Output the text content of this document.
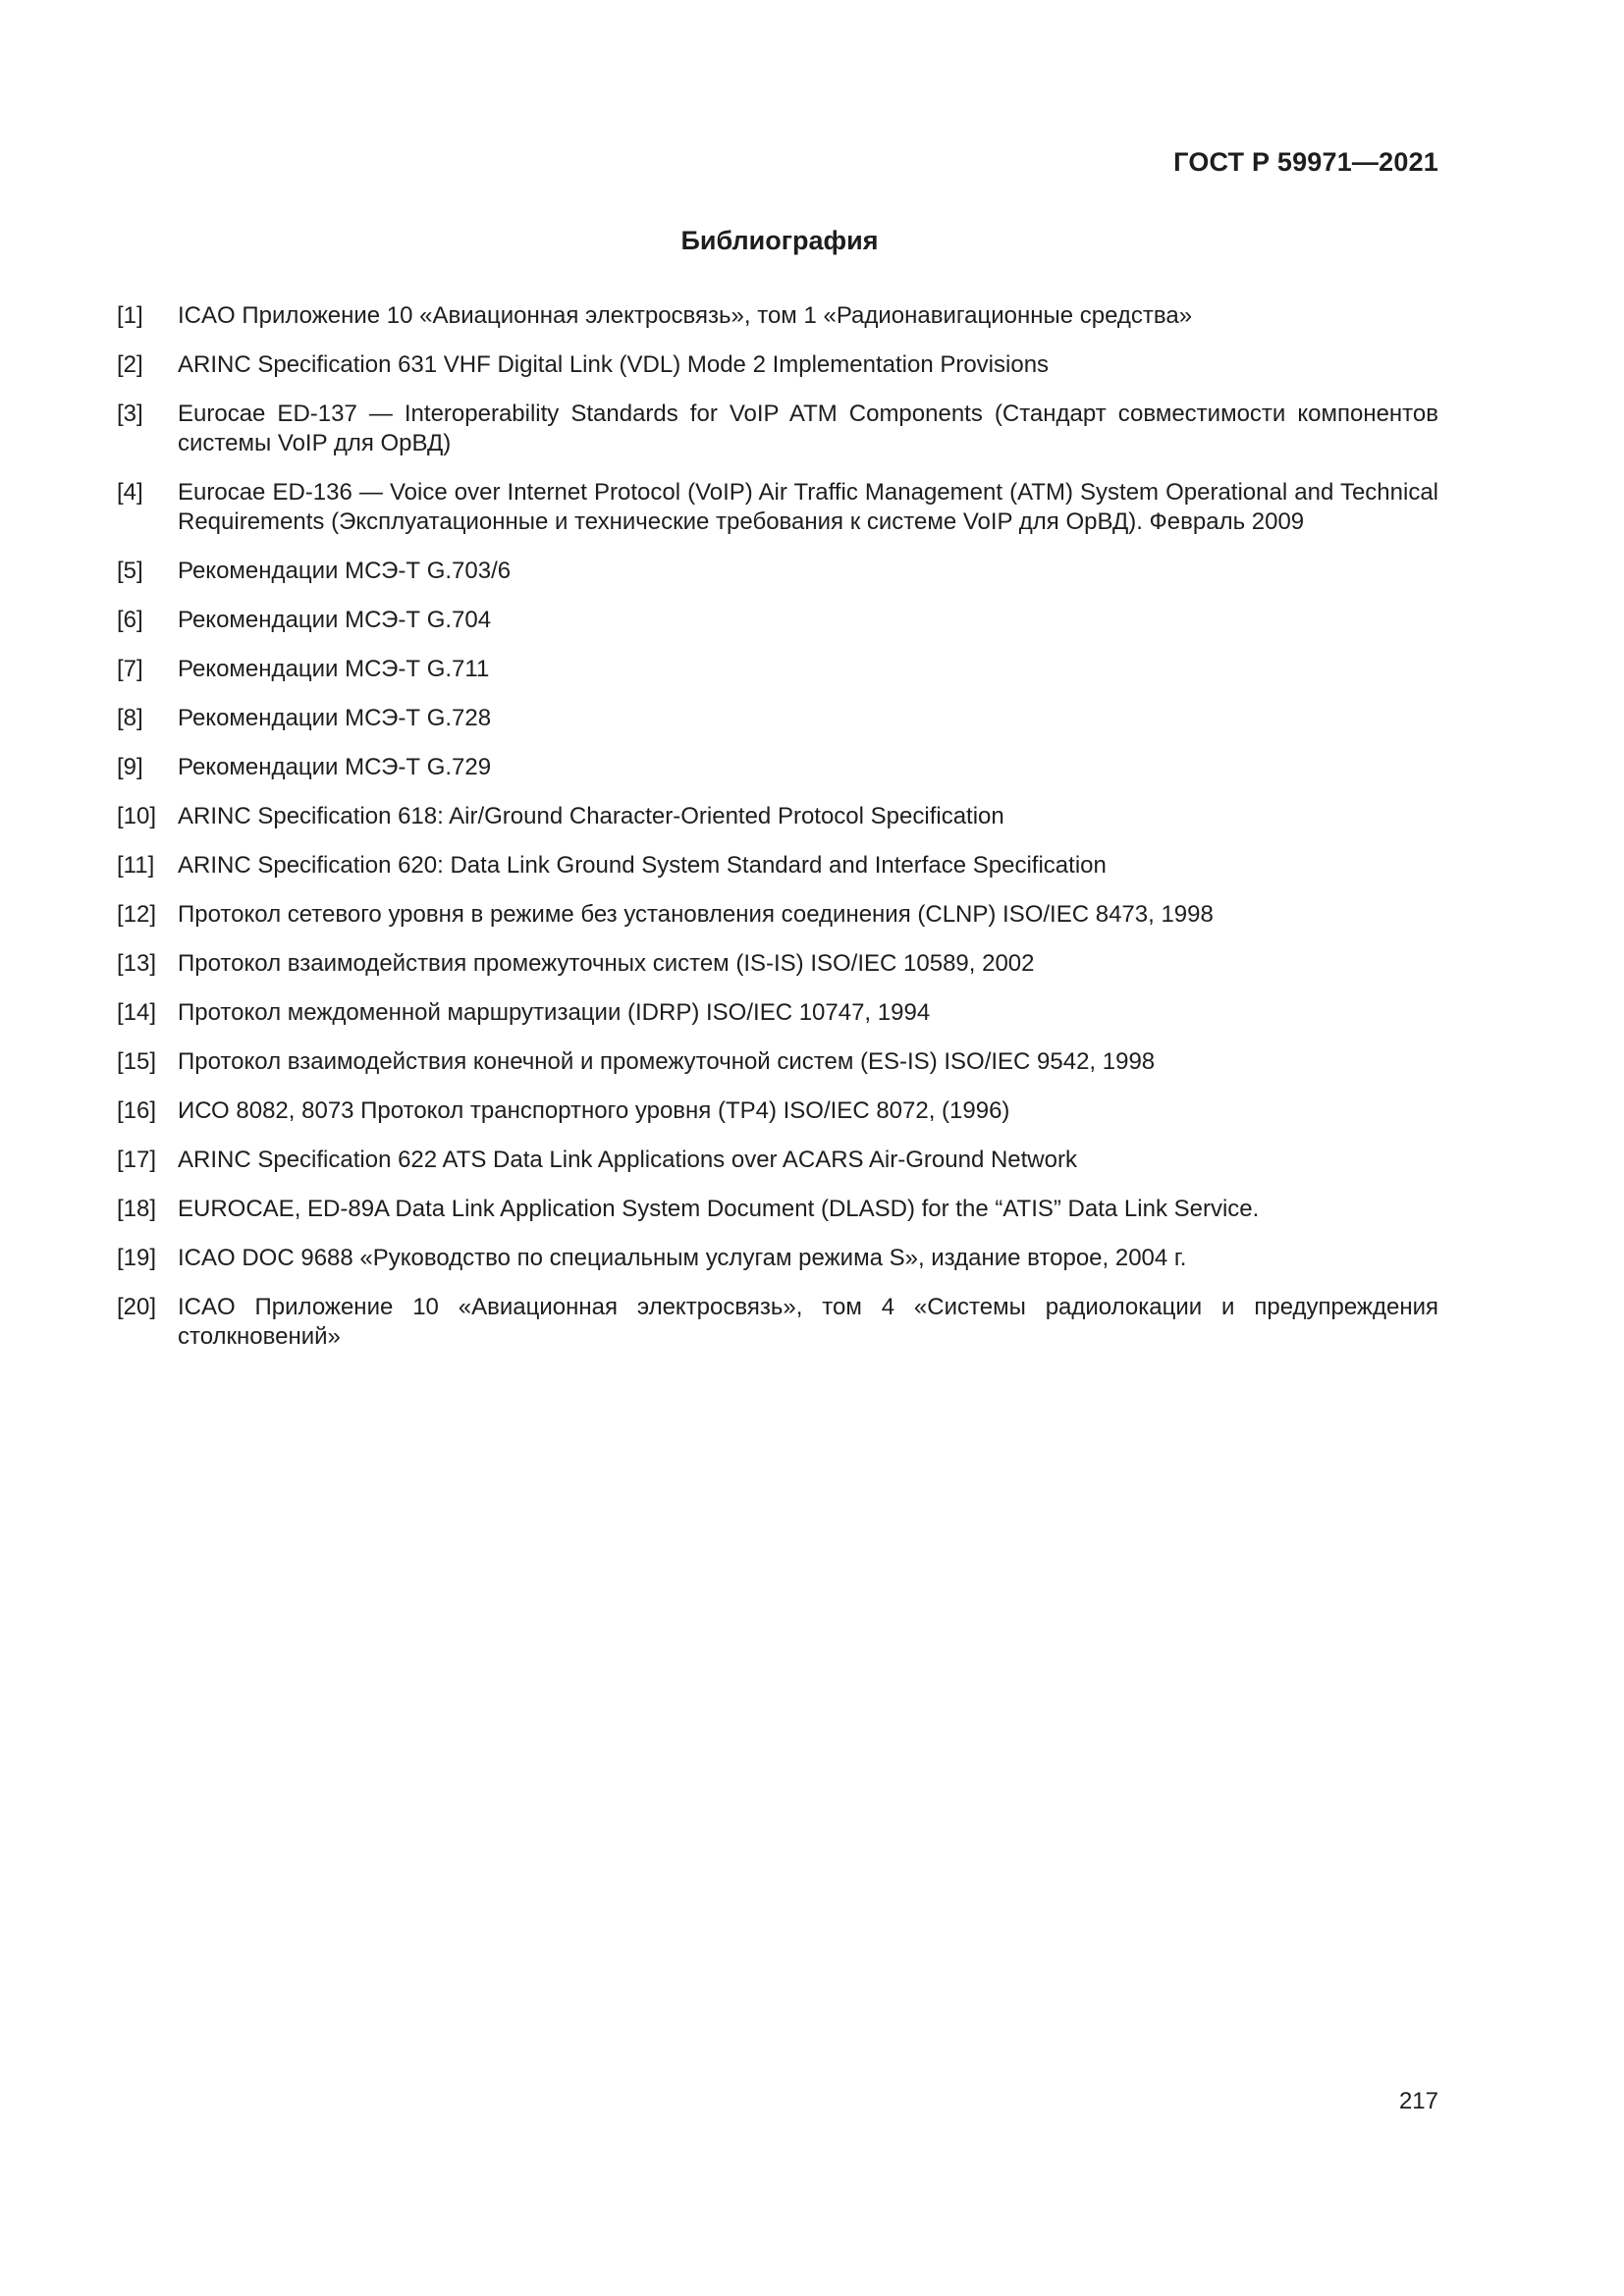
ГОСТ Р 59971—2021
Библиография
[1]	ICAO Приложение 10 «Авиационная электросвязь», том 1 «Радионавигационные средства»
[2]	ARINC Specification 631 VHF Digital Link (VDL) Mode 2 Implementation Provisions
[3]	Eurocae ED-137 — Interoperability Standards for VoIP ATM Components (Стандарт совместимости компонентов системы VoIP для ОрВД)
[4]	Eurocae ED-136 — Voice over Internet Protocol (VoIP) Air Traffic Management (ATM) System Operational and Technical Requirements (Эксплуатационные и технические требования к системе VoIP для ОрВД). Февраль 2009
[5]	Рекомендации МСЭ-Т G.703/6
[6]	Рекомендации МСЭ-Т G.704
[7]	Рекомендации МСЭ-Т G.711
[8]	Рекомендации МСЭ-Т G.728
[9]	Рекомендации МСЭ-Т G.729
[10] ARINC Specification 618: Air/Ground Character-Oriented Protocol Specification
[11] ARINC Specification 620: Data Link Ground System Standard and Interface Specification
[12] Протокол сетевого уровня в режиме без установления соединения (CLNP) ISO/IEC 8473, 1998
[13] Протокол взаимодействия промежуточных систем (IS-IS) ISO/IEC 10589, 2002
[14] Протокол междоменной маршрутизации (IDRP) ISO/IEC 10747, 1994
[15] Протокол взаимодействия конечной и промежуточной систем (ES-IS) ISO/IEC 9542, 1998
[16] ИСО 8082, 8073 Протокол транспортного уровня (ТР4) ISO/IEC 8072, (1996)
[17] ARINC Specification 622 ATS Data Link Applications over ACARS Air-Ground Network
[18] EUROCAE, ED-89A Data Link Application System Document (DLASD) for the “ATIS” Data Link Service.
[19] ICAO DOC 9688 «Руководство по специальным услугам режима S», издание второе, 2004 г.
[20] ICAO Приложение 10 «Авиационная электросвязь», том 4 «Системы радиолокации и предупреждения столкновений»
217
